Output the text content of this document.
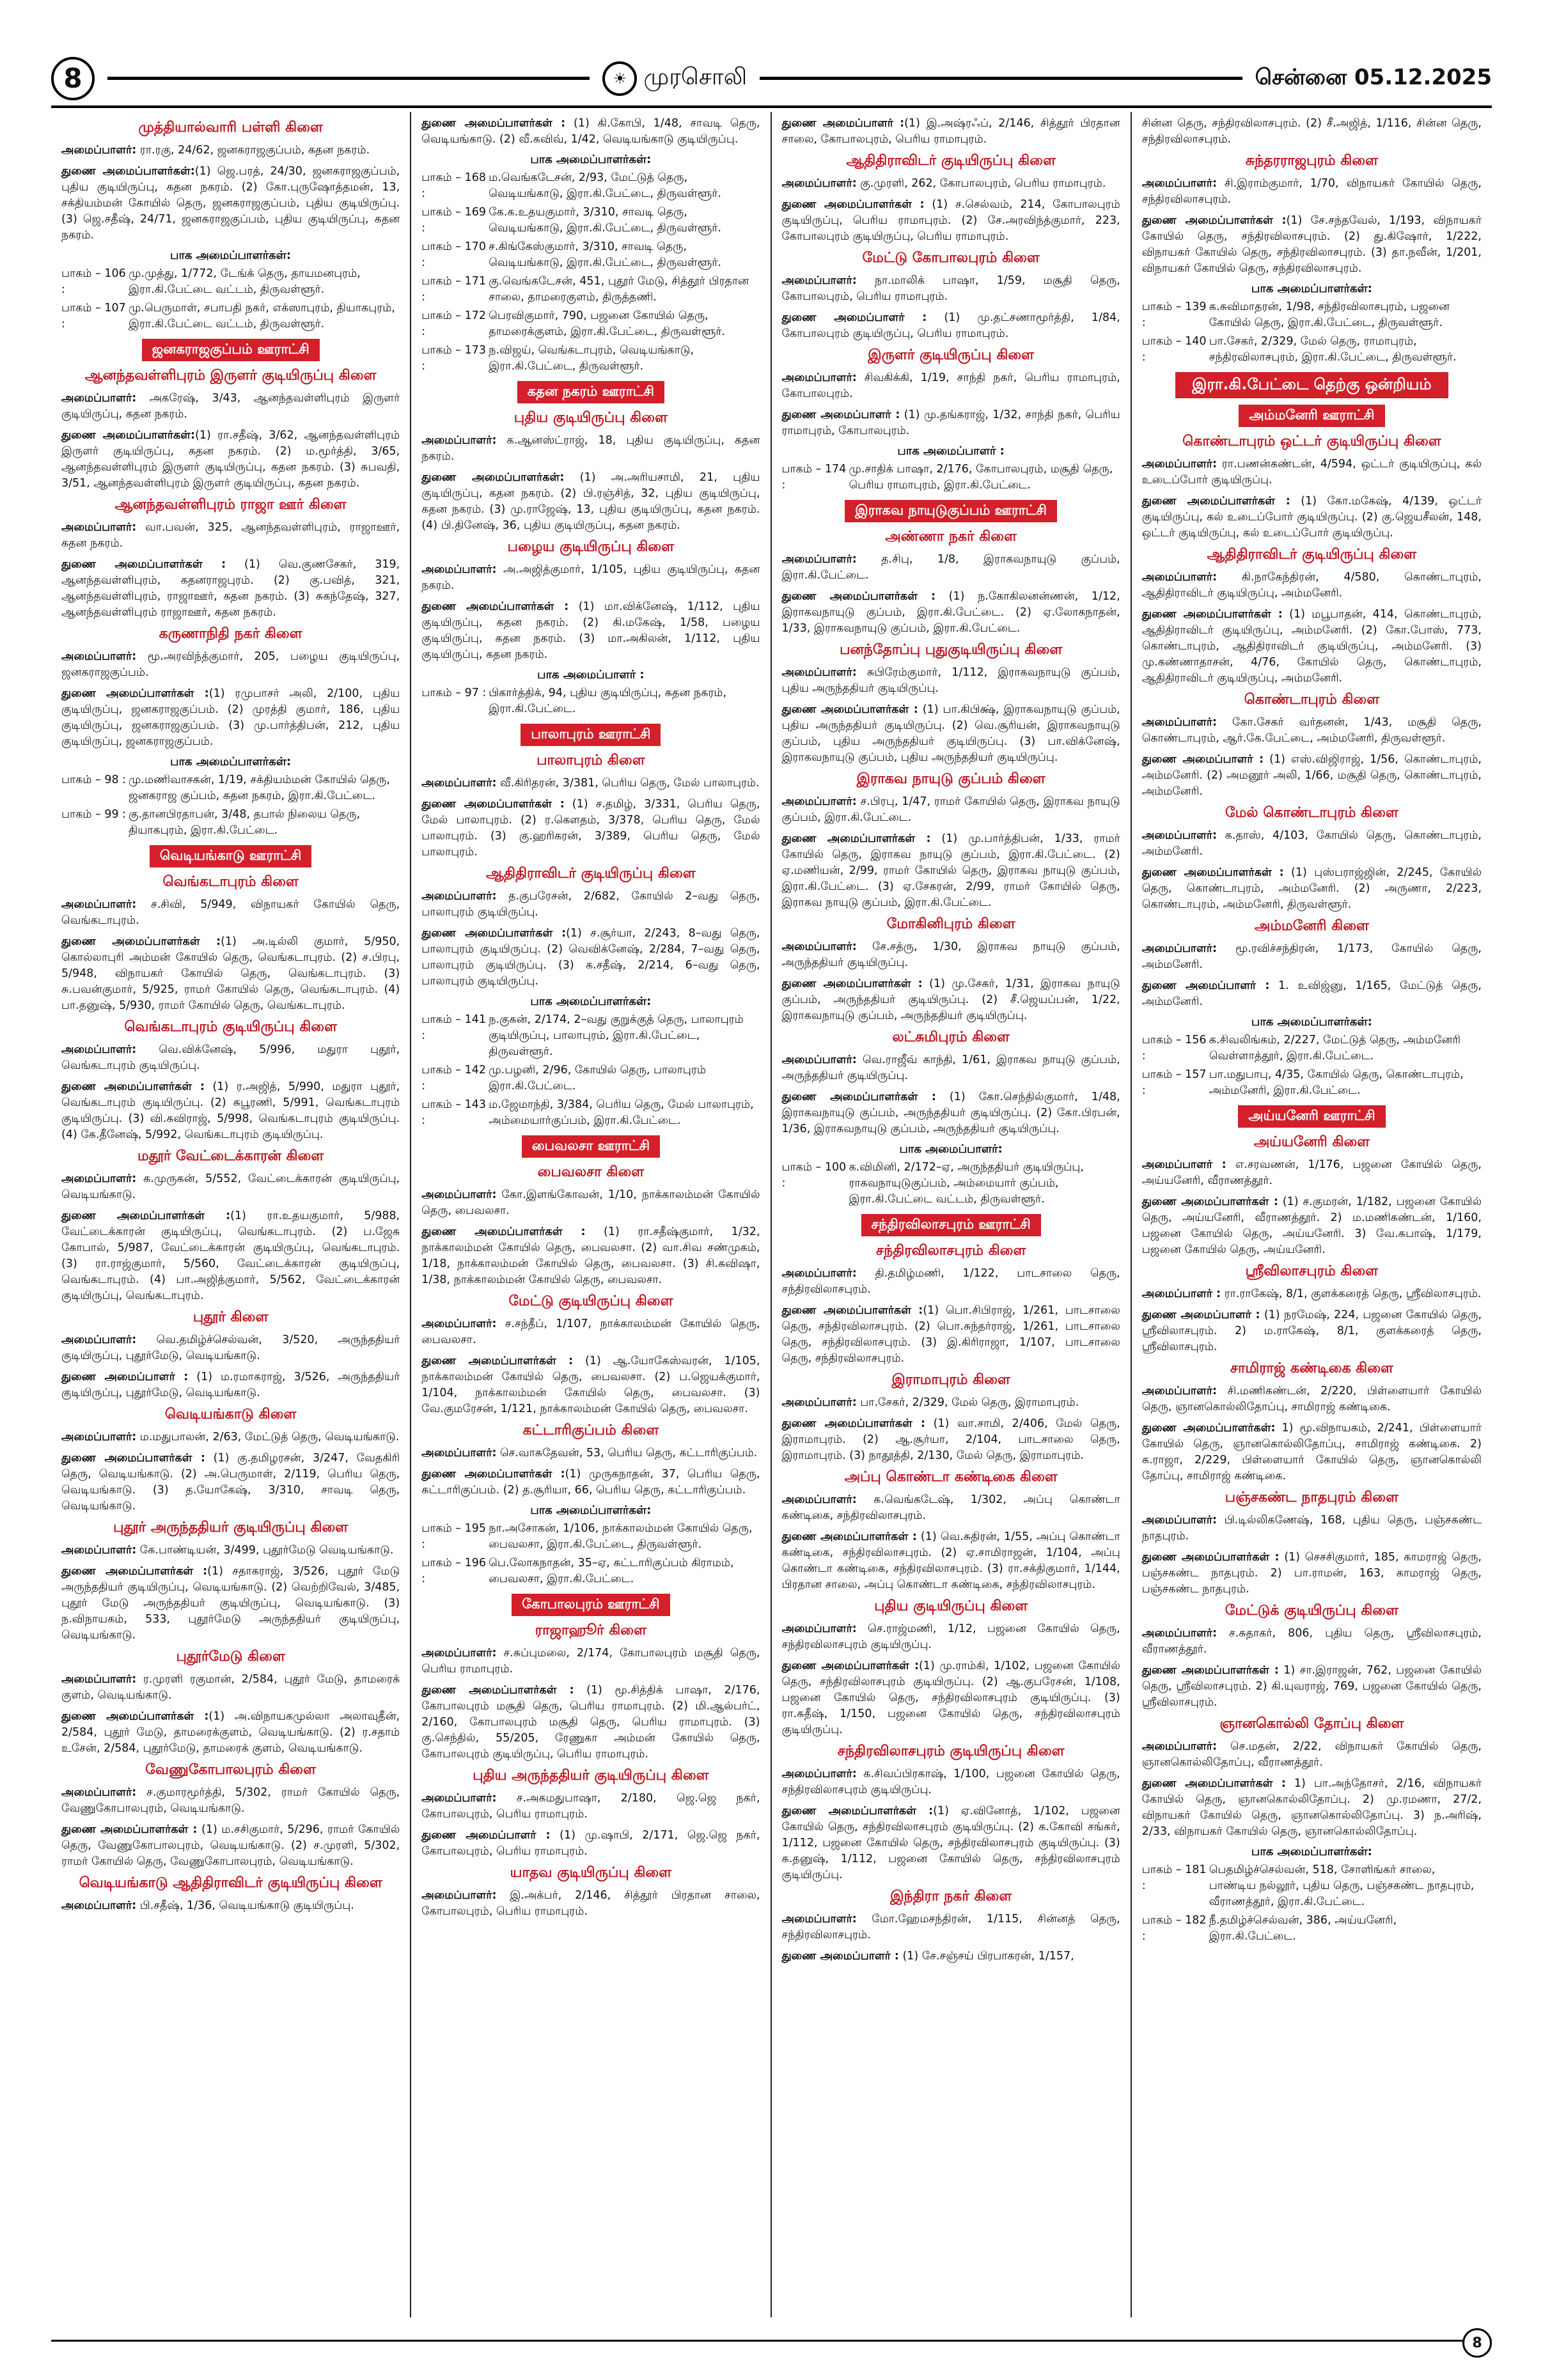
8	☀ முரசொலி	சென்னை 05.12.2025
முத்தியால்வாரி பள்ளி கிளை

அமைப்பாளர்: ரா.ரகு, 24/62, ஜனகராஜகுப்பம், கதன நகரம்.

துணை அமைப்பாளர்கள்:(1) ஜெ.பரத், 24/30, ஜனகராஜகுப்பம், புதிய குடியிருப்பு, கதன நகரம். (2) கோ.புருஷோத்தமன், 13, சக்தியம்மன் கோயில் தெரு, ஜனகராஜகுப்பம், புதிய குடியிருப்பு. (3) ஜெ.சதீஷ், 24/71, ஜனகராஜகுப்பம், புதிய குடியிருப்பு, கதன நகரம்.

பாக அமைப்பாளர்கள்:
பாகம் – 106 :
மு.முத்து, 1/772, டேங்க் தெரு, தாயமனபுரம், இரா.கி.பேட்டை வட்டம், திருவள்ளூர்.
பாகம் – 107 :
மு.பெருமாள், சபாபதி நகர், எக்ஸாபுரம், தியாகபுரம், இரா.கி.பேட்டை வட்டம், திருவள்ளூர்.
ஜனகராஜகுப்பம் ஊராட்சி
ஆனந்தவள்ளிபுரம் இருளர் குடியிருப்பு கிளை

அமைப்பாளர்: அகரேஷ், 3/43, ஆனந்தவள்ளிபுரம் இருளர் குடியிருப்பு, கதன நகரம்.

துணை அமைப்பாளர்கள்:(1) ரா.சதீஷ், 3/62, ஆனந்தவள்ளிபுரம் இருளர் குடியிருப்பு, கதன நகரம். (2) ம.மூர்த்தி, 3/65, ஆனந்தவள்ளிபுரம் இருளர் குடியிருப்பு, கதன நகரம். (3) சுபவதி, 3/51, ஆனந்தவள்ளிபுரம் இருளர் குடியிருப்பு, கதன நகரம்.

ஆனந்தவள்ளிபுரம் ராஜா ஊர் கிளை

அமைப்பாளர்: வா.பவன், 325, ஆனந்தவள்ளிபுரம், ராஜாஊர், கதன நகரம்.

துணை அமைப்பாளர்கள் : (1) வெ.குணசேகர், 319, ஆனந்தவள்ளிபுரம், கதனராஜபுரம். (2) கு.பவித், 321, ஆனந்தவள்ளிபுரம், ராஜாஊர், கதன நகரம். (3) சுகந்தேஷ், 327, ஆனந்தவள்ளிபுரம் ராஜாஊர், கதன நகரம்.

கருணாநிதி நகர் கிளை

அமைப்பாளர்: மூ.அரவிந்த்குமார், 205, பழைய குடியிருப்பு, ஜனகராஜகுப்பம்.

துணை அமைப்பாளர்கள் :(1) ரமுபாசர் அலி, 2/100, புதிய குடியிருப்பு, ஜனகராஜகுப்பம். (2) முரத்தி குமார், 186, புதிய குடியிருப்பு, ஜனகராஜகுப்பம். (3) மு.பார்த்திபன், 212, புதிய குடியிருப்பு, ஜனகராஜகுப்பம்.

பாக அமைப்பாளர்கள்:
பாகம் – 98 : மு.மணிவாசகன், 1/19, சக்தியம்மன் கோயில் தெரு, ஜனகராஜ குப்பம், கதன நகரம், இரா.கி.பேட்டை.
பாகம் – 99 : கு.தானபிரதாபன், 3/48, தபால் நிலைய தெரு, தியாகபுரம், இரா.கி.பேட்டை.
வெடியங்காடு ஊராட்சி
வெங்கடாபுரம் கிளை

அமைப்பாளர்: ச.சிவி, 5/949, விநாயகர் கோயில் தெரு, வெங்கடாபுரம்.

துணை அமைப்பாளர்கள் :(1) அ.டில்லி குமார், 5/950, கொல்லாபுரி அம்மன் கோயில் தெரு, வெங்கடாபுரம். (2) ச.பிரபு, 5/948, விநாயகர் கோயில் தெரு, வெங்கடாபுரம். (3) சு.பவன்குமார், 5/925, ராமர் கோயில் தெரு, வெங்கடாபுரம். (4) பா.தனுஷ், 5/930, ராமர் கோயில் தெரு, வெங்கடாபுரம்.

வெங்கடாபுரம் குடியிருப்பு கிளை

அமைப்பாளர்: வெ.விக்னேஷ், 5/996, மதுரா புதூர், வெங்கடாபுரம் குடியிருப்பு.

துணை அமைப்பாளர்கள் : (1) ர.அஜித், 5/990, மதுரா புதூர், வெங்கடாபுரம் குடியிருப்பு. (2) சுபூரணி, 5/991, வெங்கடாபுரம் குடியிருப்பு. (3) வி.கவிராஜ், 5/998, வெங்கடாபுரம் குடியிருப்பு. (4) கே.தீனேஷ், 5/992, வெங்கடாபுரம் குடியிருப்பு.

மதூர் வேட்டைக்காரன் கிளை

அமைப்பாளர்: க.முருகன், 5/552, வேட்டைக்காரன் குடியிருப்பு, வெடியங்காடு.

துணை அமைப்பாளர்கள் :(1) ரா.உதயகுமார், 5/988, வேட்டைக்காரன் குடியிருப்பு, வெங்கடாபுரம். (2) ப.ஜேசு கோபால், 5/987, வேட்டைக்காரன் குடியிருப்பு, வெங்கடாபுரம். (3) ரா.ராஜ்குமார், 5/560, வேட்டைக்காரன் குடியிருப்பு, வெங்கடாபுரம். (4) பா.அஜித்குமார், 5/562, வேட்டைக்காரன் குடியிருப்பு, வெங்கடாபுரம்.

புதூர் கிளை

அமைப்பாளர்: வெ.தமிழ்ச்செல்வன், 3/520, அருந்ததியர் குடியிருப்பு, புதூர்மேடு, வெடியங்காடு.

துணை அமைப்பாளர் : (1) ம.ரமாகராஜ், 3/526, அருந்ததியர் குடியிருப்பு, புதூர்மேடு, வெடியங்காடு.

வெடியங்காடு கிளை

அமைப்பாளர்: ம.மதுபாலன், 2/63, மேட்டுத் தெரு, வெடியங்காடு.

துணை அமைப்பாளர்கள் : (1) கு.தமிழரசன், 3/247, வேதகிரி தெரு, வெடியங்காடு. (2) அ.பெருமாள், 2/119, பெரிய தெரு, வெடியங்காடு. (3) த.யோகேஷ், 3/310, சாவடி தெரு, வெடியங்காடு.

புதூர் அருந்ததியர் குடியிருப்பு கிளை

அமைப்பாளர்: கே.பாண்டியன், 3/499, புதூர்மேடு வெடியங்காடு.

துணை அமைப்பாளர்கள் :(1) சதாகராஜ், 3/526, புதூர் மேடு அருந்ததியர் குடியிருப்பு, வெடியங்காடு. (2) வெற்றிவேல், 3/485, புதூர் மேடு அருந்ததியர் குடியிருப்பு, வெடியங்காடு. (3) ந.விநாயகம், 533, புதூர்மேடு அருந்ததியர் குடியிருப்பு, வெடியங்காடு.

புதூர்மேடு கிளை

அமைப்பாளர்: ர.முரளி ரகுமான், 2/584, புதூர் மேடு, தாமரைக் குளம், வெடியங்காடு.

துணை அமைப்பாளர்கள் :(1) அ.விநாயகமுல்லா அலாவுதீன், 2/584, புதூர் மேடு, தாமரைக்குளம், வெடியங்காடு. (2) ர.சதாம் உசேன், 2/584, புதூர்மேடு, தாமரைக் குளம், வெடியங்காடு.

வேணுகோபாலபுரம் கிளை

அமைப்பாளர்: ச.குமாரமூர்த்தி, 5/302, ராமர் கோயில் தெரு, வேணுகோபாலபுரம், வெடியங்காடு.

துணை அமைப்பாளர்கள் : (1) ம.சசிகுமார், 5/296, ராமர் கோயில் தெரு, வேணுகோபாலபுரம், வெடியங்காடு. (2) ச.முரளி, 5/302, ராமர் கோயில் தெரு, வேணுகோபாலபுரம், வெடியங்காடு.

வெடியங்காடு ஆதிதிராவிடர் குடியிருப்பு கிளை

அமைப்பாளர்: பி.சதீஷ், 1/36, வெடியங்காடு குடியிருப்பு.

துணை அமைப்பாளர்கள் : (1) கி.கோபி, 1/48, சாவடி தெரு, வெடியங்காடு. (2) வீ.கவிவ், 1/42, வெடியங்காடு குடியிருப்பு.

பாக அமைப்பாளர்கள்:
பாகம் – 168 :
ம.வெங்கடேசன், 2/93, மேட்டுத் தெரு, வெடியங்காடு, இரா.கி.பேட்டை, திருவள்ளூர்.
பாகம் – 169 :
கே.க.உதயகுமார், 3/310, சாவடி தெரு, வெடியங்காடு, இரா.கி.பேட்டை, திருவள்ளூர்.
பாகம் – 170 :
ச.கிங்கேஸ்குமார், 3/310, சாவடி தெரு, வெடியங்காடு, இரா.கி.பேட்டை, திருவள்ளூர்.
பாகம் – 171 :
கு.வெங்கடேசன், 451, புதூர் மேடு, சித்தூர் பிரதான சாலை, தாமரைகுளம், திருத்தணி.
பாகம் – 172 :
பெரவிகுமார், 790, பஜனை கோயில் தெரு, தாமரைக்குளம், இரா.கி.பேட்டை, திருவள்ளூர்.
பாகம் – 173 :
ந.விஜய், வெங்கடாபுரம், வெடியங்காடு, இரா.கி.பேட்டை, திருவள்ளூர்.
கதன நகரம் ஊராட்சி
புதிய குடியிருப்பு கிளை

அமைப்பாளர்: க.ஆனஸ்ட்ராஜ், 18, புதிய குடியிருப்பு, கதன நகரம்.

துணை அமைப்பாளர்கள்: (1) அ.அரியசாமி, 21, புதிய குடியிருப்பு, கதன நகரம். (2) பி.ரஞ்சித், 32, புதிய குடியிருப்பு, கதன நகரம். (3) மு.ராஜேஷ், 13, புதிய குடியிருப்பு, கதன நகரம். (4) பி.தினேஷ், 36, புதிய குடியிருப்பு, கதன நகரம்.

பழைய குடியிருப்பு கிளை

அமைப்பாளர்: அ.அஜித்குமார், 1/105, புதிய குடியிருப்பு, கதன நகரம்.

துணை அமைப்பாளர்கள் : (1) மா.விக்னேஷ், 1/112, புதிய குடியிருப்பு, கதன நகரம். (2) கி.மகேஷ், 1/58, பழைய குடியிருப்பு, கதன நகரம். (3) மா.அகிலன், 1/112, புதிய குடியிருப்பு, கதன நகரம்.

பாக அமைப்பாளர் :
பாகம் – 97 : பிகார்த்திக், 94, புதிய குடியிருப்பு, கதன நகரம், இரா.கி.பேட்டை.
பாலாபுரம் ஊராட்சி
பாலாபுரம் கிளை

அமைப்பாளர்: வீ.கிரிதரன், 3/381, பெரிய தெரு, மேல் பாலாபுரம்.

துணை அமைப்பாளர்கள் : (1) ச.தமிழ், 3/331, பெரிய தெரு, மேல் பாலாபுரம். (2) ர.கௌதம், 3/378, பெரிய தெரு, மேல் பாலாபுரம். (3) கு.ஹரிகரன், 3/389, பெரிய தெரு, மேல் பாலாபுரம்.

ஆதிதிராவிடர் குடியிருப்பு கிளை

அமைப்பாளர்: த.குபரேசன், 2/682, கோயில் 2–வது தெரு, பாலாபுரம் குடியிருப்பு.

துணை அமைப்பாளர்கள் :(1) ச.சூர்யா, 2/243, 8–வது தெரு, பாலாபுரம் குடியிருப்பு. (2) வெவிக்னேஷ், 2/284, 7–வது தெரு, பாலாபுரம் குடியிருப்பு. (3) க.சதீஷ், 2/214, 6–வது தெரு, பாலாபுரம் குடியிருப்பு.

பாக அமைப்பாளர்கள்:
பாகம் – 141 :
ந.குகன், 2/174, 2–வது குறுக்குத் தெரு, பாலாபுரம் குடியிருப்பு, பாலாபுரம், இரா.கி.பேட்டை, திருவள்ளூர்.
பாகம் – 142 :
மு.பழனி, 2/96, கோயில் தெரு, பாலாபுரம் இரா.கி.பேட்டை.
பாகம் – 143 :
ம.ஜேமாந்தி, 3/384, பெரிய தெரு, மேல் பாலாபுரம், அம்மையார்குப்பம், இரா.கி.பேட்டை.
பைவலசா ஊராட்சி
பைவலசா கிளை

அமைப்பாளர்: கோ.இளங்கோவன், 1/10, நாக்காலம்மன் கோயில் தெரு, பைவலசா.

துணை அமைப்பாளர்கள் : (1) ரா.சதீஷ்குமார், 1/32, நாக்காலம்மன் கோயில் தெரு, பைவலசா. (2) வா.சிவ சண்முகம், 1/18, நாக்காலம்மன் கோயில் தெரு, பைவலசா. (3) சி.சுவிஷா, 1/38, நாக்காலம்மன் கோயில் தெரு, பைவலசா.

மேட்டு குடியிருப்பு கிளை

அமைப்பாளர்: ச.சந்தீப், 1/107, நாக்காலம்மன் கோயில் தெரு, பைவலசா.

துணை அமைப்பாளர்கள் : (1) ஆ.யோகேஸ்வரன், 1/105, நாக்காலம்மன் கோயில் தெரு, பைவலசா. (2) ப.ஜெயக்குமார், 1/104, நாக்காலம்மன் கோயில் தெரு, பைவலசா. (3) வே.குமரேசன், 1/121, நாக்காலம்மன் கோயில் தெரு, பைவலசா.

கட்டாரிகுப்பம் கிளை

அமைப்பாளர்: செ.வாசுதேவன், 53, பெரிய தெரு, கட்டாரிகுப்பம்.

துணை அமைப்பாளர்கள் :(1) முருகநாதன், 37, பெரிய தெரு, கட்டாரிகுப்பம். (2) த.சூரியா, 66, பெரிய தெரு, கட்டாரிகுப்பம்.

பாக அமைப்பாளர்கள்:
பாகம் – 195 :
நா.அசோகன், 1/106, நாக்காலம்மன் கோயில் தெரு, பைவலசா, இரா.கி.பேட்டை, திருவள்ளூர்.
பாகம் – 196 :
பெ.லோகநாதன், 35–ஏ, கட்டாரிகுப்பம் கிராமம், பைவலசா, இரா.கி.பேட்டை.
கோபாலபுரம் ஊராட்சி
ராஜாஹூர் கிளை

அமைப்பாளர்: ச.சுப்புமலை, 2/174, கோபாலபுரம் மசூதி தெரு, பெரிய ராமாபுரம்.

துணை அமைப்பாளர்கள் : (1) மூ.சித்திக் பாஷா, 2/176, கோபாலபுரம் மசூதி தெரு, பெரிய ராமாபுரம். (2) மி.ஆல்பர்ட், 2/160, கோபாலபுரம் மசூதி தெரு, பெரிய ராமாபுரம். (3) கு.செந்தில், 55/205, ரேணுகா அம்மன் கோயில் தெரு, கோபாலபுரம் குடியிருப்பு, பெரிய ராமாபுரம்.

புதிய அருந்ததியர் குடியிருப்பு கிளை

அமைப்பாளர்: ச.அகமதுபாஷா, 2/180, ஜெ.ஜெ நகர், கோபாலபுரம், பெரிய ராமாபுரம்.

துணை அமைப்பாளர் : (1) மு.ஷாபி, 2/171, ஜெ.ஜெ நகர், கோபாலபுரம், பெரிய ராமாபுரம்.

யாதவ குடியிருப்பு கிளை

அமைப்பாளர்: இ.அக்பர், 2/146, சித்தூர் பிரதான சாலை, கோபாலபுரம், பெரிய ராமாபுரம்.

துணை அமைப்பாளர் :(1) இ.அஷ்ரஃப், 2/146, சித்தூர் பிரதான சாலை, கோபாலபுரம், பெரிய ராமாபுரம்.

ஆதிதிராவிடர் குடியிருப்பு கிளை

அமைப்பாளர்: கு.முரளி, 262, கோபாலபுரம், பெரிய ராமாபுரம்.

துணை அமைப்பாளர்கள் : (1) ச.செல்வம், 214, கோபாலபுரம் குடியிருப்பு, பெரிய ராமாபுரம். (2) சே.அரவிந்த்குமார், 223, கோபாலபுரம் குடியிருப்பு, பெரிய ராமாபுரம்.

மேட்டு கோபாலபுரம் கிளை

அமைப்பாளர்: நா.மாலிக் பாஷா, 1/59, மசூதி தெரு, கோபாலபுரம், பெரிய ராமாபுரம்.

துணை அமைப்பாளர் : (1) மு.தட்சணாமூர்த்தி, 1/84, கோபாலபுரம் குடியிருப்பு, பெரிய ராமாபுரம்.

இருளர் குடியிருப்பு கிளை

அமைப்பாளர்: சிவகிக்கி, 1/19, சாந்தி நகர், பெரிய ராமாபுரம், கோபாலபுரம்.

துணை அமைப்பாளர் : (1) மு.தங்கராஜ், 1/32, சாந்தி நகர், பெரிய ராமாபுரம், கோபாலபுரம்.

பாக அமைப்பாளர் :
பாகம் – 174 :
மு.சாதிக் பாஷா, 2/176, கோபாலபுரம், மசூதி தெரு, பெரிய ராமாபுரம், இரா.கி.பேட்டை.
இராகவ நாயுடுகுப்பம் ஊராட்சி
அண்ணா நகர் கிளை

அமைப்பாளர்: த.சிபு, 1/8, இராகவநாயுடு குப்பம், இரா.கி.பேட்டை.

துணை அமைப்பாளர்கள் : (1) ந.கோகிலனன்ணன், 1/12, இராகவநாயுடு குப்பம், இரா.கி.பேட்டை. (2) ஏ.லோகநாதன், 1/33, இராகவநாயுடு குப்பம், இரா.கி.பேட்டை.

பனந்தோப்பு புதுகுடியிருப்பு கிளை

அமைப்பாளர்: சுபிரேம்குமார், 1/112, இராகவநாயுடு குப்பம், புதிய அருந்ததியர் குடியிருப்பு.

துணை அமைப்பாளர்கள் : (1) பா.கிபிக்ஷ், இராகவநாயுடு குப்பம், புதிய அருந்ததியர் குடியிருப்பு. (2) வெ.சூரியன், இராகவநாயுடு குப்பம், புதிய அருந்ததியர் குடியிருப்பு. (3) பா.விக்னேஷ், இராகவநாயுடு குப்பம், புதிய அருந்ததியர் குடியிருப்பு.

இராகவ நாயுடு குப்பம் கிளை

அமைப்பாளர்: ச.பிரபு, 1/47, ராமர் கோயில் தெரு, இராகவ நாயுடு குப்பம், இரா.கி.பேட்டை.

துணை அமைப்பாளர்கள் : (1) மு.பார்த்திபன், 1/33, ராமர் கோயில் தெரு, இராகவ நாயுடு குப்பம், இரா.கி.பேட்டை. (2) ஏ.மணியன், 2/99, ராமர் கோயில் தெரு, இராகவ நாயுடு குப்பம், இரா.கி.பேட்டை. (3) ஏ.சேகரன், 2/99, ராமர் கோயில் தெரு, இராகவ நாயுடு குப்பம், இரா.கி.பேட்டை.

மோகினிபுரம் கிளை

அமைப்பாளர்: சே.சத்ரு, 1/30, இராகவ நாயுடு குப்பம், அருந்ததியர் குடியிருப்பு.

துணை அமைப்பாளர்கள் : (1) மு.சேகர், 1/31, இராகவ நாயுடு குப்பம், அருந்ததியர் குடியிருப்பு. (2) சீ.ஜெயப்பன், 1/22, இராகவநாயுடு குப்பம், அருந்ததியர் குடியிருப்பு.

லட்சுமிபுரம் கிளை

அமைப்பாளர்: வெ.ராஜீவ் காந்தி, 1/61, இராகவ நாயுடு குப்பம், அருந்ததியர் குடியிருப்பு.

துணை அமைப்பாளர்கள் : (1) கோ.செந்தில்குமார், 1/48, இராகவநாயுடு குப்பம், அருந்ததியர் குடியிருப்பு. (2) கோ.பிரபன், 1/36, இராகவநாயுடு குப்பம், அருந்ததியர் குடியிருப்பு.

பாக அமைப்பாளர்:
பாகம் – 100 :
க.விமினி, 2/172–ஏ, அருந்ததியர் குடியிருப்பு, ராகவநாயுடுகுப்பம், அம்மையார் குப்பம், இரா.கி.பேட்டை வட்டம், திருவள்ளூர்.
சந்திரவிலாசபுரம் ஊராட்சி
சந்திரவிலாசபுரம் கிளை

அமைப்பாளர்: தி.தமிழ்மணி, 1/122, பாடசாலை தெரு, சந்திரவிலாசபுரம்.

துணை அமைப்பாளர்கள் :(1) பொ.சிபிராஜ், 1/261, பாடசாலை தெரு, சந்திரவிலாசபுரம். (2) பொ.சுந்தர்ராஜ், 1/261, பாடசாலை தெரு, சந்திரவிலாசபுரம். (3) இ.கிரிராஜா, 1/107, பாடசாலை தெரு, சந்திரவிலாசபுரம்.

இராமாபுரம் கிளை

அமைப்பாளர்: பா.சேகர், 2/329, மேல் தெரு, இராமாபுரம்.

துணை அமைப்பாளர்கள் : (1) வா.சாமி, 2/406, மேல் தெரு, இராமாபுரம். (2) ஆ.சூர்யா, 2/104, பாடசாலை தெரு, இராமாபுரம். (3) நாதூத்தி, 2/130, மேல் தெரு, இராமாபுரம்.

அப்பு கொண்டா கண்டிகை கிளை

அமைப்பாளர்: க.வெங்கடேஷ், 1/302, அப்பு கொண்டா கண்டிகை, சந்திரவிலாசபுரம்.

துணை அமைப்பாளர்கள் : (1) வெ.சுதிரன், 1/55, அப்பு கொண்டா கண்டிகை, சந்திரவிலாசபுரம். (2) ஏ.சாமிராஜன், 1/104, அப்பு கொண்டா கண்டிகை, சந்திரவிலாசபுரம். (3) ரா.சக்திகுமார், 1/144, பிரதான சாலை, அப்பு கொண்டா கண்டிகை, சந்திரவிலாசபுரம்.

புதிய குடியிருப்பு கிளை

அமைப்பாளர்: செ.ராஜ்மணி, 1/12, பஜனை கோயில் தெரு, சந்திரவிலாசபுரம் குடியிருப்பு.

துணை அமைப்பாளர்கள் :(1) மு.ராம்கி, 1/102, பஜனை கோயில் தெரு, சந்திரவிலாசபுரம் குடியிருப்பு. (2) ஆ.குபரேசன், 1/108, பஜனை கோயில் தெரு, சந்திரவிலாசபுரம் குடியிருப்பு. (3) ரா.சுதீஷ், 1/150, பஜனை கோயில் தெரு, சந்திரவிலாசபுரம் குடியிருப்பு.

சந்திரவிலாசபுரம் குடியிருப்பு கிளை

அமைப்பாளர்: க.சிவப்பிரகாஷ், 1/100, பஜனை கோயில் தெரு, சந்திரவிலாசபுரம் குடியிருப்பு.

துணை அமைப்பாளர்கள் :(1) ஏ.வினோத், 1/102, பஜனை கோயில் தெரு, சந்திரவிலாசபுரம் குடியிருப்பு. (2) க.கோவி சங்கர், 1/112, பஜனை கோயில் தெரு, சந்திரவிலாசபுரம் குடியிருப்பு. (3) க.தனுஷ், 1/112, பஜனை கோயில் தெரு, சந்திரவிலாசபுரம் குடியிருப்பு.

இந்திரா நகர் கிளை

அமைப்பாளர்: மோ.ஹேமசந்திரன், 1/115, சின்னத் தெரு, சந்திரவிலாசபுரம்.

துணை அமைப்பாளர் : (1) சே.சஞ்சய் பிரபாகரன், 1/157,

சின்ன தெரு, சந்திரவிலாசபுரம். (2) சீ.அஜித், 1/116, சின்ன தெரு, சந்திரவிலாசபுரம்.

சுந்தரராஜபுரம் கிளை

அமைப்பாளர்: சி.இராம்குமார், 1/70, விநாயகர் கோயில் தெரு, சந்திரவிலாசபுரம்.

துணை அமைப்பாளர்கள் :(1) சே.சந்தவேல், 1/193, விநாயகர் கோயில் தெரு, சந்திரவிலாசபுரம். (2) து.கிஷோர், 1/222, விநாயகர் கோயில் தெரு, சந்திரவிலாசபுரம். (3) தா.நவீன், 1/201, விநாயகர் கோயில் தெரு, சந்திரவிலாசபுரம்.

பாக அமைப்பாளர்கள்:
பாகம் – 139 :
க.சுவிமாதரன், 1/98, சந்திரவிலாசபுரம், பஜனை கோயில் தெரு, இரா.கி.பேட்டை, திருவள்ளூர்.
பாகம் – 140 :
பா.சேகர், 2/329, மேல் தெரு, ராமாபுரம், சந்திரவிலாசபுரம், இரா.கி.பேட்டை, திருவள்ளூர்.
இரா.கி.பேட்டை தெற்கு ஒன்றியம்
அம்மனேரி ஊராட்சி
கொண்டாபுரம் ஒட்டர் குடியிருப்பு கிளை

அமைப்பாளர்: ரா.பணன்கண்டன், 4/594, ஒட்டர் குடியிருப்பு, கல் உடைப்போர் குடியிருப்பு.

துணை அமைப்பாளர்கள் : (1) கோ.மகேஷ், 4/139, ஒட்டர் குடியிருப்பு, கல் உடைப்போர் குடியிருப்பு. (2) கு.ஜெயசீலன், 148, ஒட்டர் குடியிருப்பு, கல் உடைப்போர் குடியிருப்பு.

ஆதிதிராவிடர் குடியிருப்பு கிளை

அமைப்பாளர்: கி.நாகேந்திரன், 4/580, கொண்டாபுரம், ஆதிதிராவிடர் குடியிருப்பு, அம்மனேரி.

துணை அமைப்பாளர்கள் : (1) மபூபாதன், 414, கொண்டாபுரம், ஆதிதிராவிடர் குடியிருப்பு, அம்மனேரி. (2) கோ.போஸ், 773, கொண்டாபுரம், ஆதிதிராவிடர் குடியிருப்பு, அம்மனேரி. (3) மு.கண்ணாதாசன், 4/76, கோயில் தெரு, கொண்டாபுரம், ஆதிதிராவிடர் குடியிருப்பு, அம்மனேரி.

கொண்டாபுரம் கிளை

அமைப்பாளர்: கோ.சேகர் வர்தனன், 1/43, மசூதி தெரு, கொண்டாபுரம், ஆர்.கே.பேட்டை, அம்மனேரி, திருவள்ளூர்.

துணை அமைப்பாளர் : (1) எஸ்.விஜிராஜ், 1/56, கொண்டாபுரம், அம்மனேரி. (2) அமனூர் அலி, 1/66, மசூதி தெரு, கொண்டாபுரம், அம்மனேரி.

மேல் கொண்டாபுரம் கிளை

அமைப்பாளர்: க.தாஸ், 4/103, கோயில் தெரு, கொண்டாபுரம், அம்மனேரி.

துணை அமைப்பாளர்கள் : (1) புஸ்பராஜ்ஜின், 2/245, கோயில் தெரு, கொண்டாபுரம், அம்மனேரி. (2) அருணா, 2/223, கொண்டாபுரம், அம்மனேரி, திருவள்ளூர்.

அம்மனேரி கிளை

அமைப்பாளர்: மூ.ரவிச்சந்திரன், 1/173, கோயில் தெரு, அம்மனேரி.

துணை அமைப்பாளர் : 1. உவிஜ்னு, 1/165, மேட்டுத் தெரு, அம்மனேரி.

பாக அமைப்பாளர்கள்:
பாகம் – 156 :
க.சிவலிங்கம், 2/227, மேட்டுத் தெரு, அம்மனேரி வெள்ளாத்தூர், இரா.கி.பேட்டை.
பாகம் – 157 :
பா.மதுபாபு, 4/35, கோயில் தெரு, கொண்டாபுரம், அம்மனேரி, இரா.கி.பேட்டை.
அய்யனேரி ஊராட்சி
அய்யனேரி கிளை

அமைப்பாளர் : எ.சரவணன், 1/176, பஜனை கோயில் தெரு, அய்யனேரி, வீராணத்தூர்.

துணை அமைப்பாளர்கள் : (1) ச.குமரன், 1/182, பஜனை கோயில் தெரு, அய்யனேரி, வீராணத்தூர். 2) ம.மணிகண்டன், 1/160, பஜனை கோயில் தெரு, அய்யனேரி. 3) வே.சுபாஷ், 1/179, பஜனை கோயில் தெரு, அய்யனேரி.

ஸ்ரீவிலாசபுரம் கிளை

அமைப்பாளர் : ரா.ராகேஷ், 8/1, குளக்கரைத் தெரு, ஸ்ரீவிலாசபுரம்.

துணை அமைப்பாளர் : (1) நரமேஷ், 224, பஜனை கோயில் தெரு, ஸ்ரீவிலாசபுரம். 2) ம.ராகேஷ், 8/1, குளக்கரைத் தெரு, ஸ்ரீவிலாசபுரம்.

சாமிராஜ் கண்டிகை கிளை

அமைப்பாளர்: சி.மணிகண்டன், 2/220, பிள்ளையார் கோயில் தெரு, ஞானகொல்லிதோப்பு, சாமிராஜ் கண்டிகை.

துணை அமைப்பாளர்கள்: 1) மூ.விநாயகம், 2/241, பிள்ளையார் கோயில் தெரு, ஞானகொல்லிதோப்பு, சாமிராஜ் கண்டிகை. 2) க.ராஜா, 2/229, பிள்ளையார் கோயில் தெரு, ஞானகொல்லி தோப்பு, சாமிராஜ் கண்டிகை.

பஞ்சகண்ட நாதபுரம் கிளை

அமைப்பாளர்: பி.டில்லிகணேஷ், 168, புதிய தெரு, பஞ்சகண்ட நாதபுரம்.

துணை அமைப்பாளர்கள் : (1) செசசிகுமார், 185, காமராஜ் தெரு, பஞ்சகண்ட நாதபுரம். 2) பா.ராமன், 163, காமராஜ் தெரு, பஞ்சகண்ட நாதபுரம்.

மேட்டுக் குடியிருப்பு கிளை

அமைப்பாளர்: ச.சுதாகர், 806, புதிய தெரு, ஸ்ரீவிலாசபுரம், வீராணத்தூர்.

துணை அமைப்பாளர்கள் : 1) சா.இராஜன், 762, பஜனை கோயில் தெரு, ஸ்ரீவிலாசபுரம். 2) கி.யுவராஜ், 769, பஜனை கோயில் தெரு, ஸ்ரீவிலாசபுரம்.

ஞானகொல்லி தோப்பு கிளை

அமைப்பாளர்: செ.மதன், 2/22, விநாயகர் கோயில் தெரு, ஞானகொல்லிதோப்பு, வீராணத்தூர்.

துணை அமைப்பாளர்கள் : 1) பா.அந்தோசர், 2/16, விநாயகர் கோயில் தெரு, ஞானகொல்லிதோப்பு. 2) மு.ரமணா, 27/2, விநாயகர் கோயில் தெரு, ஞானகொல்லிதோப்பு. 3) ந.அரிஷ், 2/33, விநாயகர் கோயில் தெரு, ஞானகொல்லிதோப்பு.

பாக அமைப்பாளர்கள்:
பாகம் – 181 :
பெதமிழ்ச்செல்வன், 518, சோளிங்கர் சாலை, பாண்டிய நல்லூர், புதிய தெரு, பஞ்சகண்ட நாதபுரம், வீராணத்தூர், இரா.கி.பேட்டை.
பாகம் – 182 :
நீ.தமிழ்ச்செல்வன், 386, அய்யனேரி, இரா.கி.பேட்டை.
8
